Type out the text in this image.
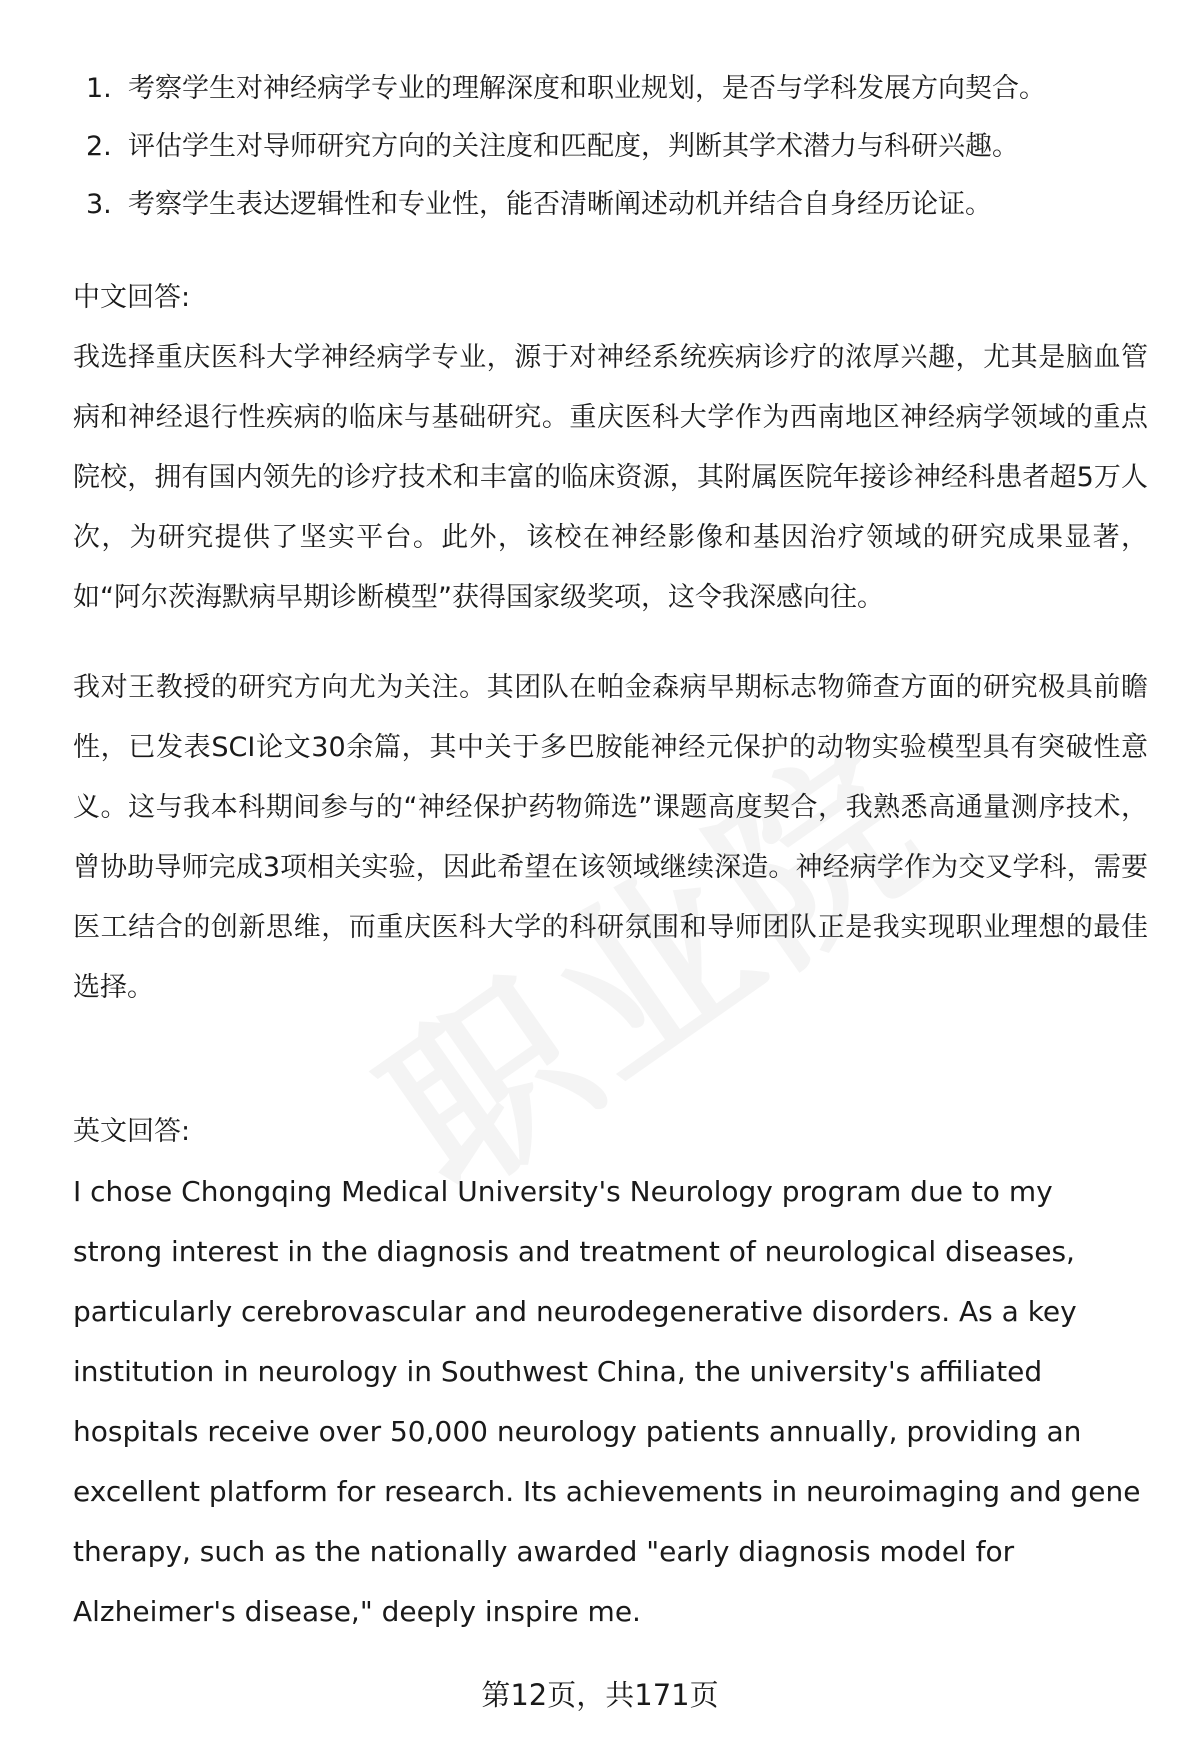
1. 考察学生对神经病学专业的理解深度和职业规划，是否与学科发展方向契合。
2. 评估学生对导师研究方向的关注度和匹配度，判断其学术潜力与科研兴趣。
3. 考察学生表达逻辑性和专业性，能否清晰阐述动机并结合自身经历论证。
中文回答:

我选择重庆医科大学神经病学专业，源于对神经系统疾病诊疗的浓厚兴趣，尤其是脑血管病和神经退行性疾病的临床与基础研究。重庆医科大学作为西南地区神经病学领域的重点院校，拥有国内领先的诊疗技术和丰富的临床资源，其附属医院年接诊神经科患者超5万人次，为研究提供了坚实平台。此外，该校在神经影像和基因治疗领域的研究成果显著，如“阿尔茨海默病早期诊断模型”获得国家级奖项，这令我深感向往。

我对王教授的研究方向尤为关注。其团队在帕金森病早期标志物筛查方面的研究极具前瞻性，已发表SCI论文30余篇，其中关于多巴胺能神经元保护的动物实验模型具有突破性意义。这与我本科期间参与的“神经保护药物筛选”课题高度契合，我熟悉高通量测序技术，曾协助导师完成3项相关实验，因此希望在该领域继续深造。神经病学作为交叉学科，需要医工结合的创新思维，而重庆医科大学的科研氛围和导师团队正是我实现职业理想的最佳选择。

英文回答:

I chose Chongqing Medical University's Neurology program due to my strong interest in the diagnosis and treatment of neurological diseases, particularly cerebrovascular and neurodegenerative disorders. As a key institution in neurology in Southwest China, the university's affiliated hospitals receive over 50,000 neurology patients annually, providing an excellent platform for research. Its achievements in neuroimaging and gene therapy, such as the nationally awarded "early diagnosis model for Alzheimer's disease," deeply inspire me.

第12页，共171页
